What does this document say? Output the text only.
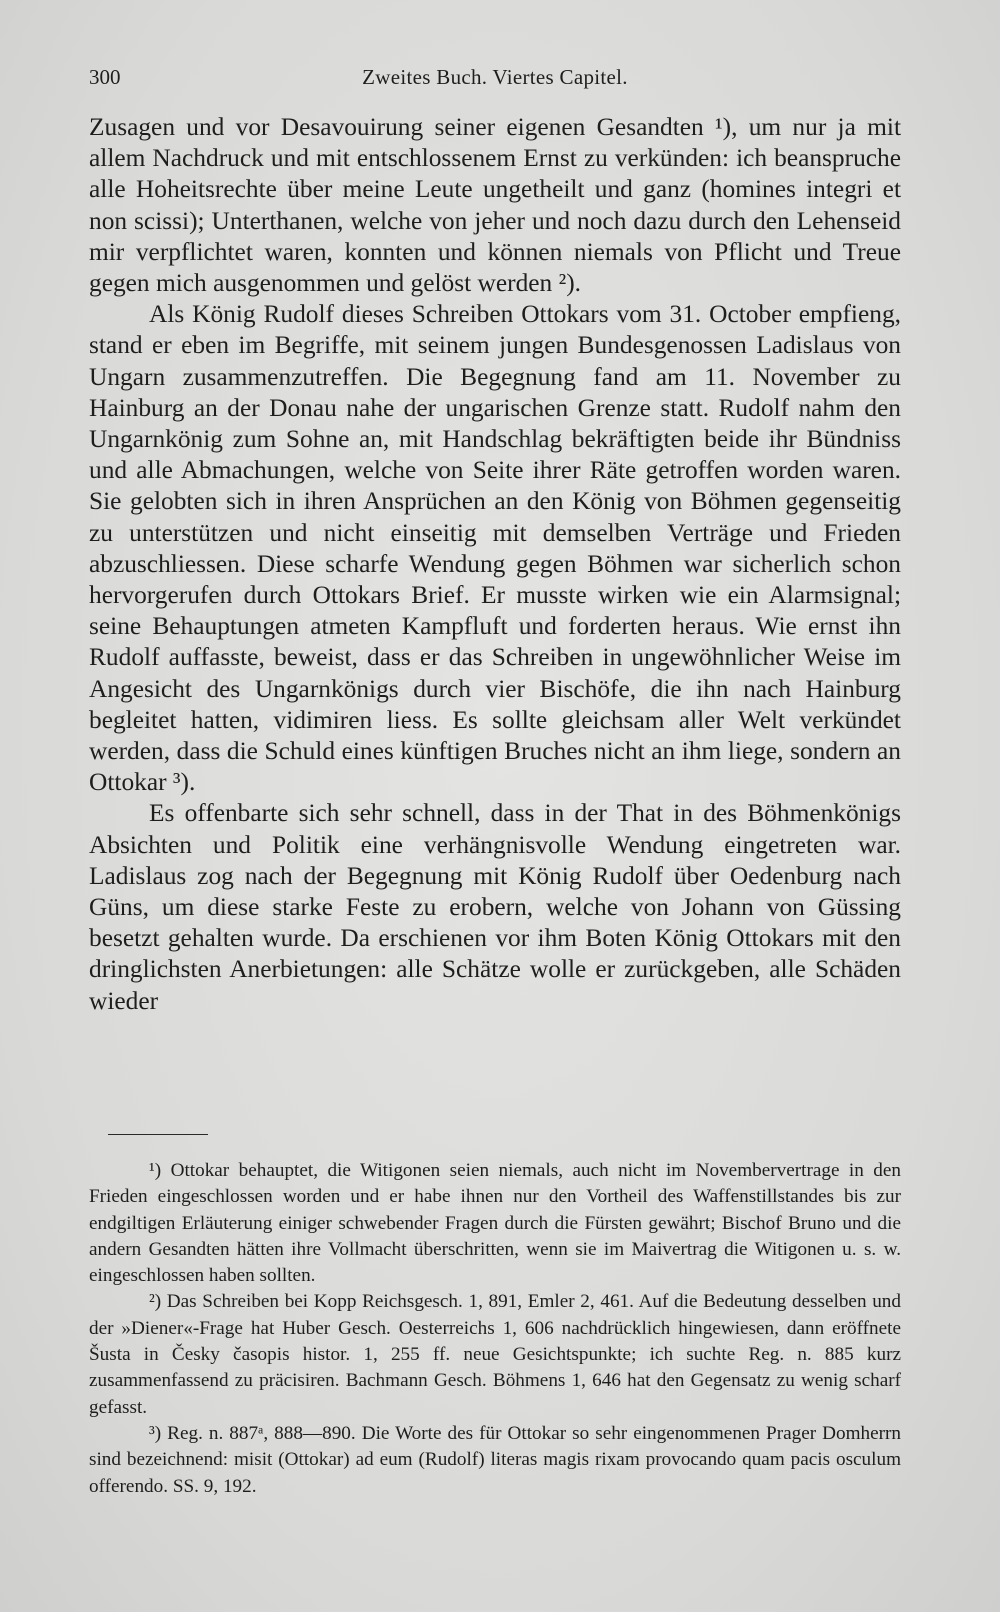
300	Zweites Buch. Viertes Capitel.

Zusagen und vor Desavouirung seiner eigenen Gesandten ¹), um nur ja mit allem Nachdruck und mit entschlossenem Ernst zu verkünden: ich beanspruche alle Hoheitsrechte über meine Leute ungetheilt und ganz (homines integri et non scissi); Unterthanen, welche von jeher und noch dazu durch den Lehenseid mir verpflichtet waren, konnten und können niemals von Pflicht und Treue gegen mich ausgenommen und gelöst werden ²).

Als König Rudolf dieses Schreiben Ottokars vom 31. October empfieng, stand er eben im Begriffe, mit seinem jungen Bundesgenossen Ladislaus von Ungarn zusammenzutreffen. Die Begegnung fand am 11. November zu Hainburg an der Donau nahe der ungarischen Grenze statt. Rudolf nahm den Ungarnkönig zum Sohne an, mit Handschlag bekräftigten beide ihr Bündniss und alle Abmachungen, welche von Seite ihrer Räte getroffen worden waren. Sie gelobten sich in ihren Ansprüchen an den König von Böhmen gegenseitig zu unterstützen und nicht einseitig mit demselben Verträge und Frieden abzuschliessen. Diese scharfe Wendung gegen Böhmen war sicherlich schon hervorgerufen durch Ottokars Brief. Er musste wirken wie ein Alarmsignal; seine Behauptungen atmeten Kampfluft und forderten heraus. Wie ernst ihn Rudolf auffasste, beweist, dass er das Schreiben in ungewöhnlicher Weise im Angesicht des Ungarnkönigs durch vier Bischöfe, die ihn nach Hainburg begleitet hatten, vidimiren liess. Es sollte gleichsam aller Welt verkündet werden, dass die Schuld eines künftigen Bruches nicht an ihm liege, sondern an Ottokar ³).

Es offenbarte sich sehr schnell, dass in der That in des Böhmenkönigs Absichten und Politik eine verhängnisvolle Wendung eingetreten war. Ladislaus zog nach der Begegnung mit König Rudolf über Oedenburg nach Güns, um diese starke Feste zu erobern, welche von Johann von Güssing besetzt gehalten wurde. Da erschienen vor ihm Boten König Ottokars mit den dringlichsten Anerbietungen: alle Schätze wolle er zurückgeben, alle Schäden wieder

¹) Ottokar behauptet, die Witigonen seien niemals, auch nicht im Novembervertrage in den Frieden eingeschlossen worden und er habe ihnen nur den Vortheil des Waffenstillstandes bis zur endgiltigen Erläuterung einiger schwebender Fragen durch die Fürsten gewährt; Bischof Bruno und die andern Gesandten hätten ihre Vollmacht überschritten, wenn sie im Maivertrag die Witigonen u. s. w. eingeschlossen haben sollten.

²) Das Schreiben bei Kopp Reichsgesch. 1, 891, Emler 2, 461. Auf die Bedeutung desselben und der »Diener«-Frage hat Huber Gesch. Oesterreichs 1, 606 nachdrücklich hingewiesen, dann eröffnete Šusta in Česky časopis histor. 1, 255 ff. neue Gesichtspunkte; ich suchte Reg. n. 885 kurz zusammenfassend zu präcisiren. Bachmann Gesch. Böhmens 1, 646 hat den Gegensatz zu wenig scharf gefasst.

³) Reg. n. 887ᵃ, 888—890. Die Worte des für Ottokar so sehr eingenommenen Prager Domherrn sind bezeichnend: misit (Ottokar) ad eum (Rudolf) literas magis rixam provocando quam pacis osculum offerendo. SS. 9, 192.
